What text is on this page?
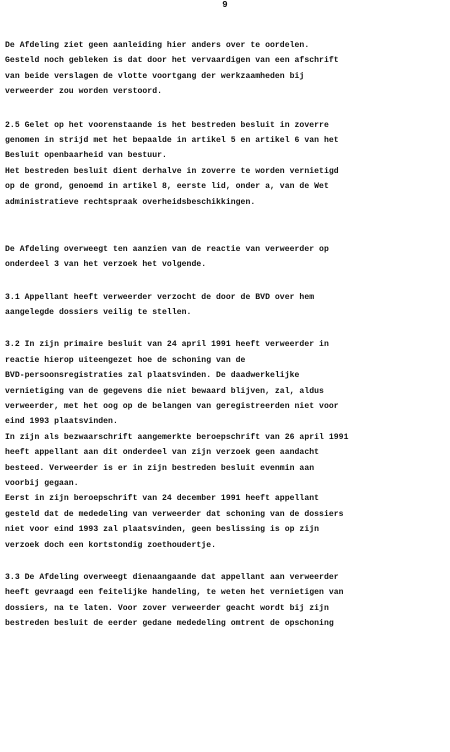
9

De Afdeling ziet geen aanleiding hier anders over te oordelen.
Gesteld noch gebleken is dat door het vervaardigen van een afschrift
van beide verslagen de vlotte voortgang der werkzaamheden bij
verweerder zou worden verstoord.

2.5 Gelet op het voorenstaande is het bestreden besluit in zoverre
genomen in strijd met het bepaalde in artikel 5 en artikel 6 van het
Besluit openbaarheid van bestuur.
Het bestreden besluit dient derhalve in zoverre te worden vernietigd
op de grond, genoemd in artikel 8, eerste lid, onder a, van de Wet
administratieve rechtspraak overheidsbeschikkingen.

De Afdeling overweegt ten aanzien van de reactie van verweerder op
onderdeel 3 van het verzoek het volgende.

3.1 Appellant heeft verweerder verzocht de door de BVD over hem
aangelegde dossiers veilig te stellen.

3.2 In zijn primaire besluit van 24 april 1991 heeft verweerder in
reactie hierop uiteengezet hoe de schoning van de
BVD-persoonsregistraties zal plaatsvinden. De daadwerkelijke
vernietiging van de gegevens die niet bewaard blijven, zal, aldus
verweerder, met het oog op de belangen van geregistreerden niet voor
eind 1993 plaatsvinden.
In zijn als bezwaarschrift aangemerkte beroepschrift van 26 april 1991
heeft appellant aan dit onderdeel van zijn verzoek geen aandacht
besteed. Verweerder is er in zijn bestreden besluit evenmin aan
voorbij gegaan.
Eerst in zijn beroepschrift van 24 december 1991 heeft appellant
gesteld dat de mededeling van verweerder dat schoning van de dossiers
niet voor eind 1993 zal plaatsvinden, geen beslissing is op zijn
verzoek doch een kortstondig zoethoudertje.

3.3 De Afdeling overweegt dienaangaande dat appellant aan verweerder
heeft gevraagd een feitelijke handeling, te weten het vernietigen van
dossiers, na te laten. Voor zover verweerder geacht wordt bij zijn
bestreden besluit de eerder gedane mededeling omtrent de opschoning
